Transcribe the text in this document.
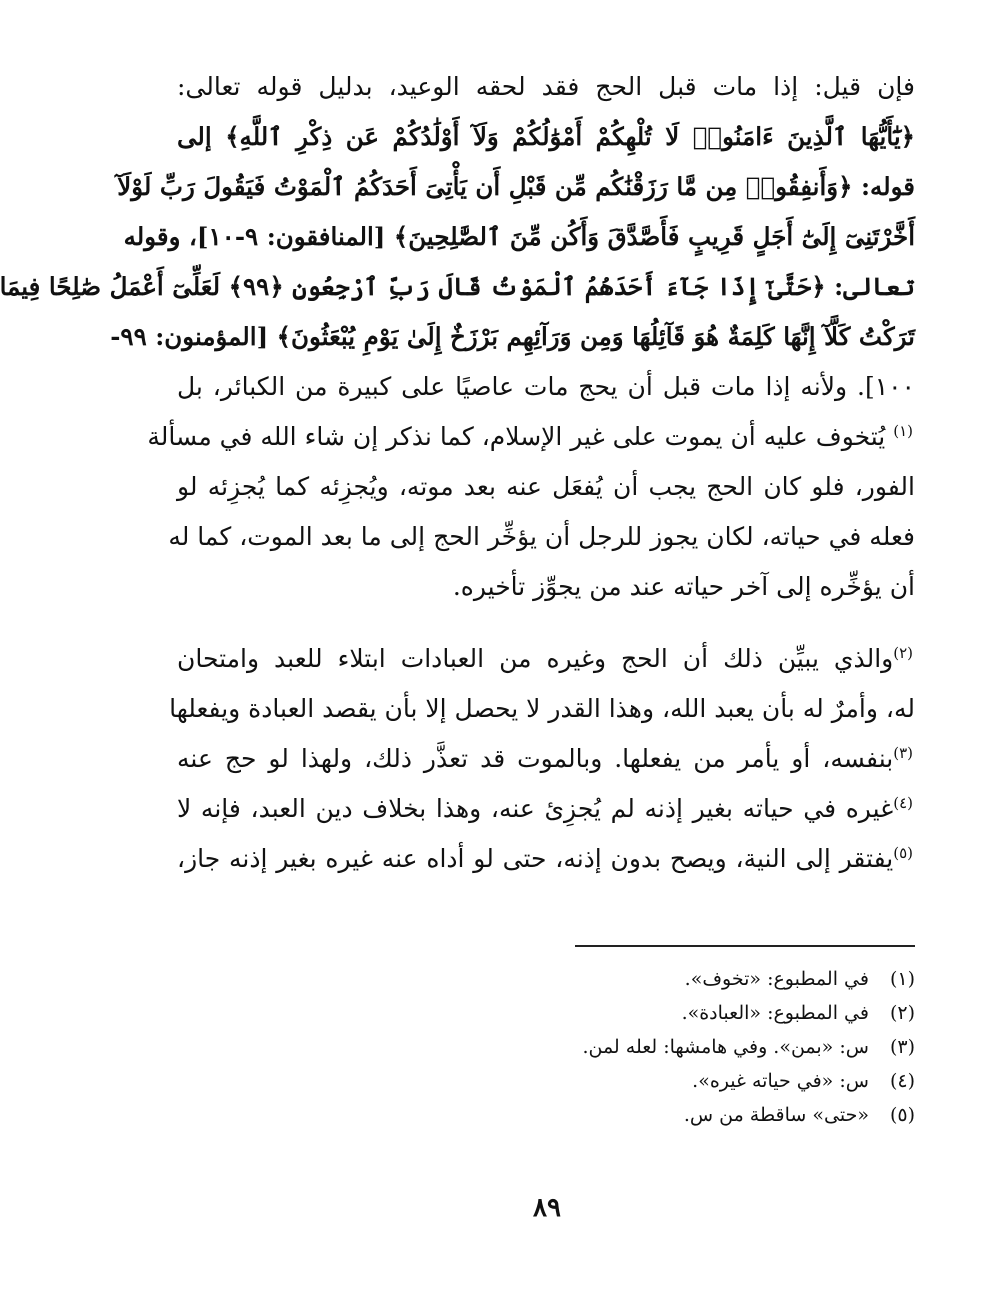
فإن قيل: إذا مات قبل الحج فقد لحقه الوعيد، بدليل قوله تعالى:
﴿يَٰٓأَيُّهَا ٱلَّذِينَ ءَامَنُوا۟ لَا تُلْهِكُمْ أَمْوَٰلُكُمْ وَلَآ أَوْلَٰدُكُمْ عَن ذِكْرِ ٱللَّهِ﴾ إلى
قوله: ﴿وَأَنفِقُوا۟ مِن مَّا رَزَقْنَٰكُم مِّن قَبْلِ أَن يَأْتِىَ أَحَدَكُمُ ٱلْمَوْتُ فَيَقُولَ رَبِّ لَوْلَآ
أَخَّرْتَنِىٓ إِلَىٰٓ أَجَلٍ قَرِيبٍ فَأَصَّدَّقَ وَأَكُن مِّنَ ٱلصَّٰلِحِينَ﴾ [المنافقون: ٩-١٠]، وقوله
تعالى: ﴿حَتَّىٰٓ إِذَا جَآءَ أَحَدَهُمُ ٱلْمَوْتُ قَالَ رَبِّ ٱرْجِعُونِ ﴿٩٩﴾ لَعَلِّىٓ أَعْمَلُ صَٰلِحًا فِيمَا
تَرَكْتُ كَلَّآ إِنَّهَا كَلِمَةٌ هُوَ قَآئِلُهَا وَمِن وَرَآئِهِم بَرْزَخٌ إِلَىٰ يَوْمِ يُبْعَثُونَ﴾ [المؤمنون: ٩٩-
١٠٠]. ولأنه إذا مات قبل أن يحج مات عاصيًا على كبيرة من الكبائر، بل
$^{(١)}$ يُتخوف عليه أن يموت على غير الإسلام، كما نذكر إن شاء الله في مسألة
الفور، فلو كان الحج يجب أن يُفعَل عنه بعد موته، ويُجزِئه كما يُجزِئه لو
فعله في حياته، لكان يجوز للرجل أن يؤخِّر الحج إلى ما بعد الموت، كما له
أن يؤخِّره إلى آخر حياته عند من يجوِّز تأخيره.
$^{(٢)}$والذي يبيِّن ذلك أن الحج وغيره من العبادات ابتلاء للعبد وامتحان
له، وأمرٌ له بأن يعبد الله، وهذا القدر لا يحصل إلا بأن يقصد العبادة ويفعلها
$^{(٣)}$بنفسه، أو يأمر من يفعلها. وبالموت قد تعذَّر ذلك، ولهذا لو حج عنه
$^{(٤)}$غيره في حياته بغير إذنه لم يُجزِئ عنه، وهذا بخلاف دين العبد، فإنه لا
$^{(٥)}$يفتقر إلى النية، ويصح بدون إذنه، حتى لو أداه عنه غيره بغير إذنه جاز،
(١) في المطبوع: «تخوف».
(٢) في المطبوع: «العبادة».
(٣) س: «بمن». وفي هامشها: لعله لمن.
(٤) س: «في حياته غيره».
(٥) «حتى» ساقطة من س.
٨٩
